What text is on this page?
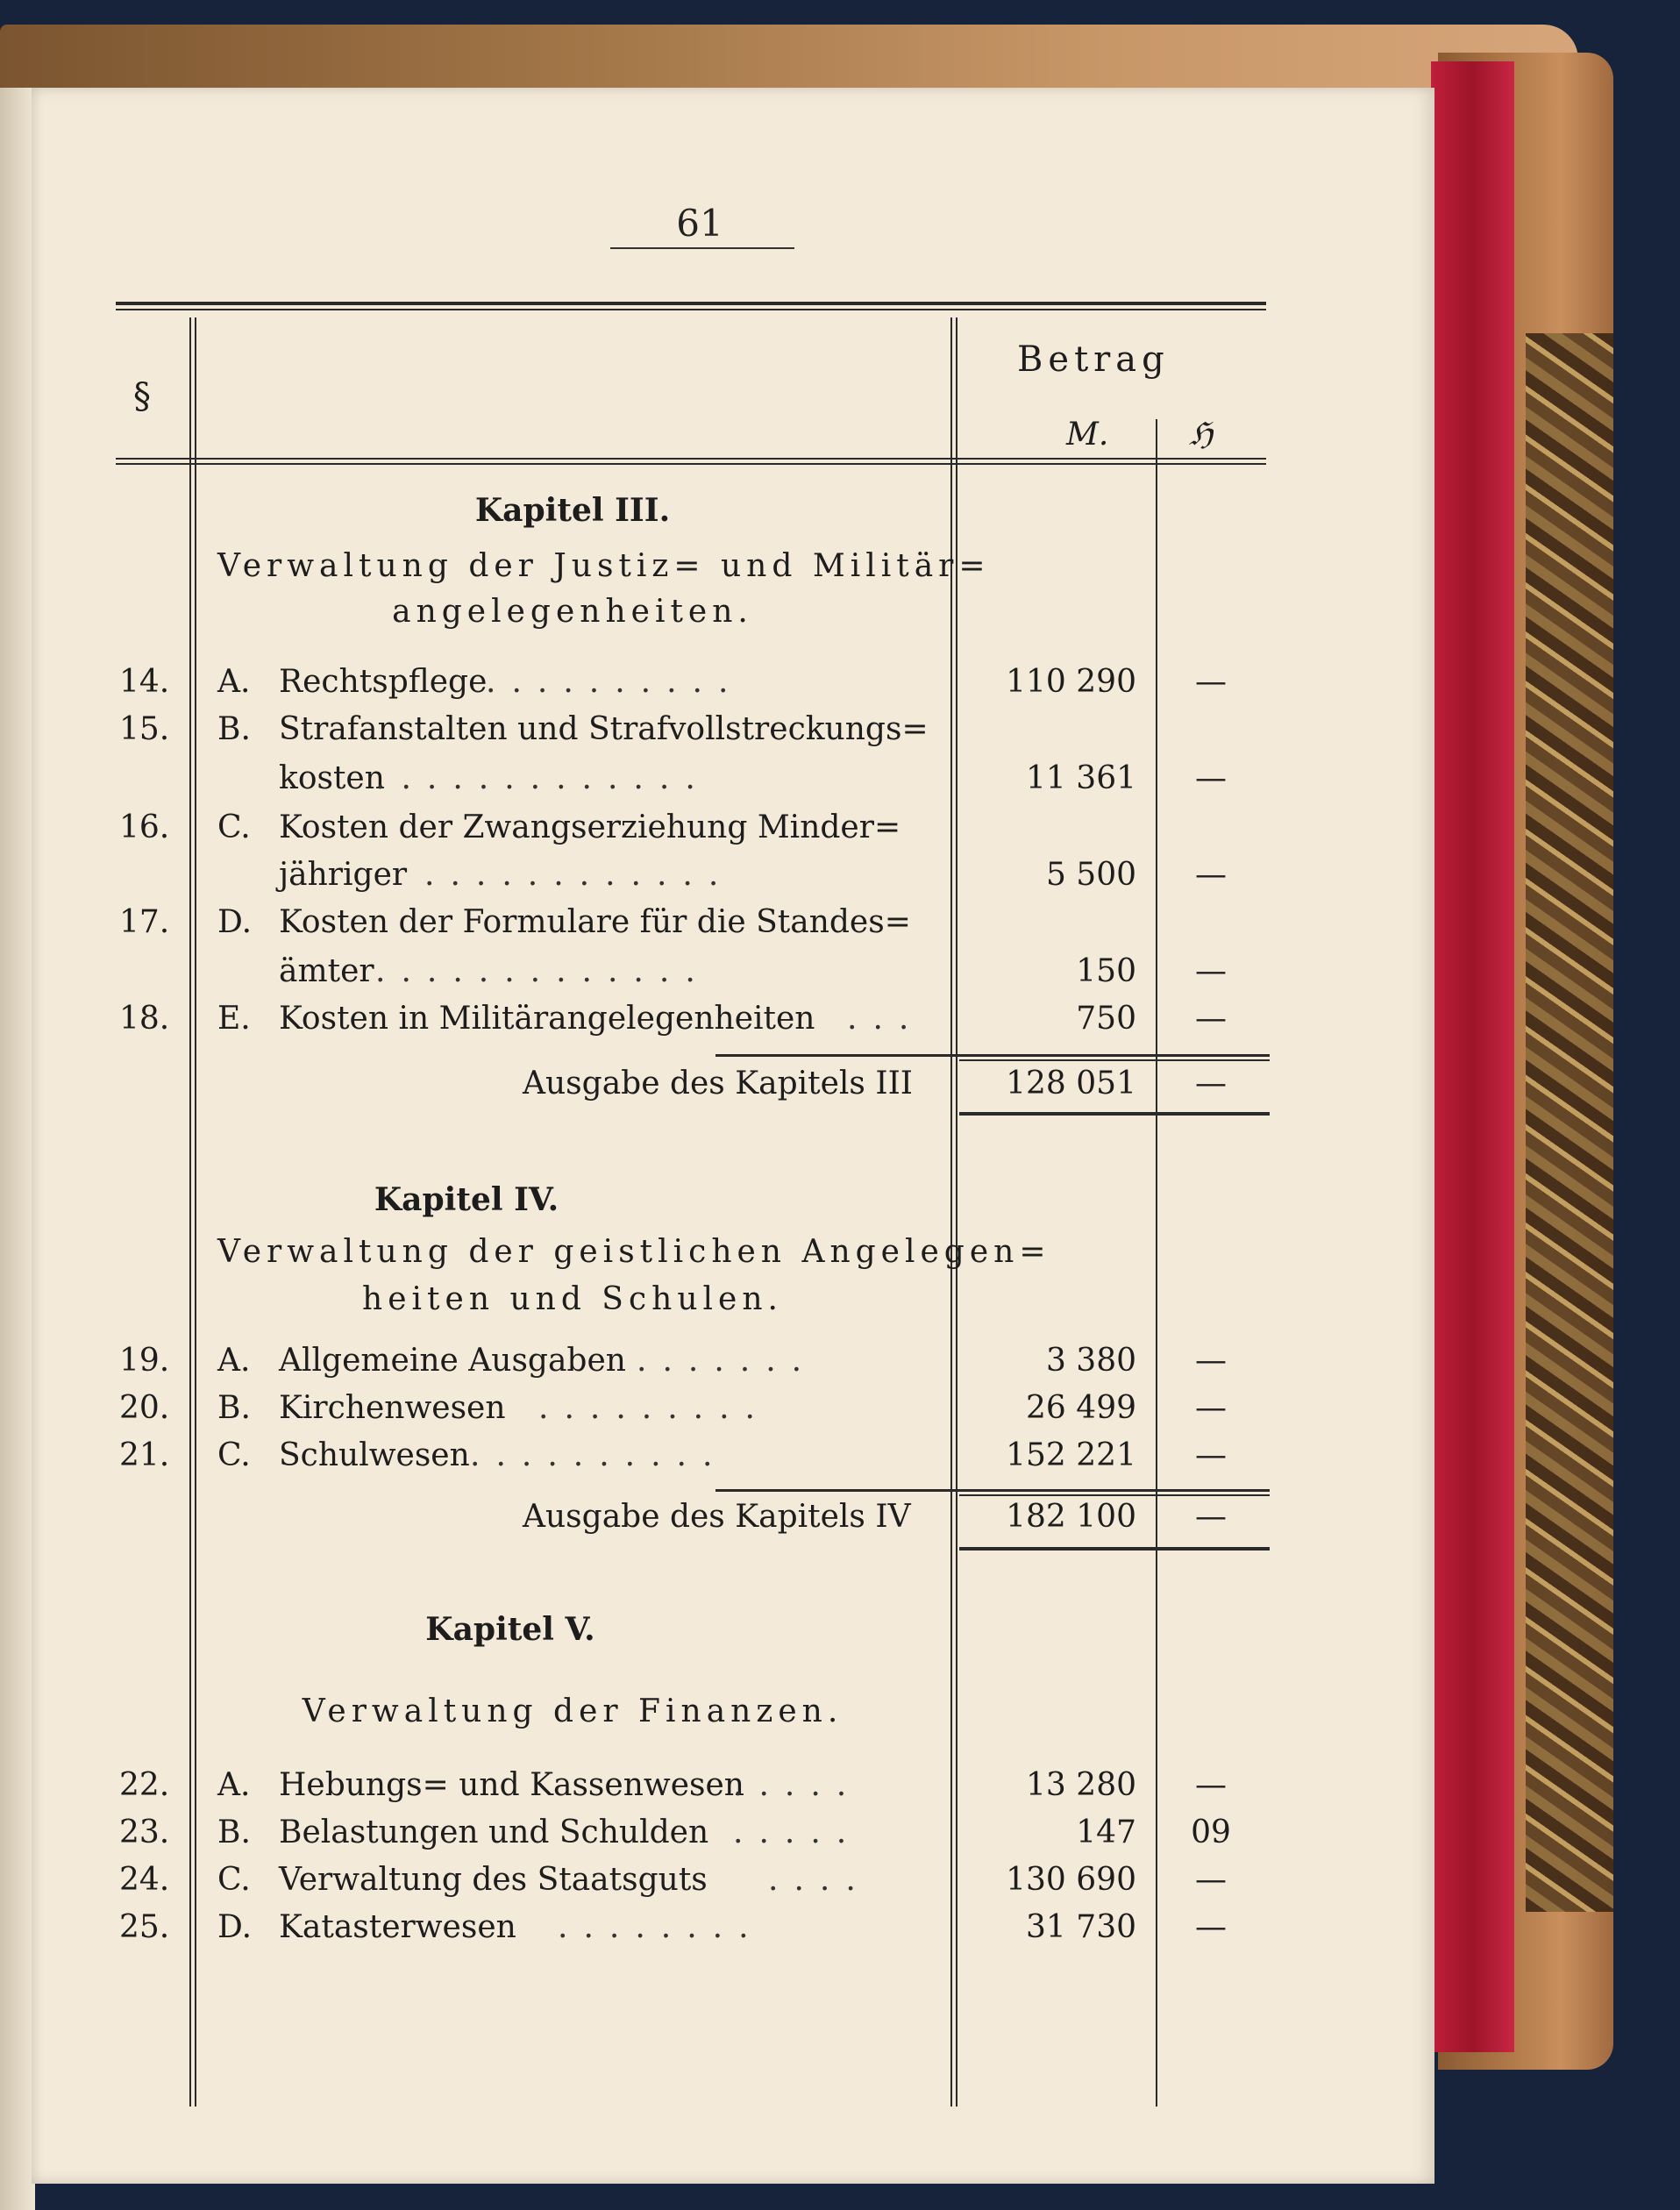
61
§
Betrag
M.	ℌ
Kapitel III.
Verwaltung der Justiz= und Militär=
angelegenheiten.
14. A. Rechtspflege
..........	110 290	—
15. B. Strafanstalten und Strafvollstreckungs=
kosten
.............	11 361	—
16. C. Kosten der Zwangserziehung Minder=
jähriger ............	5 500	—
17. D. Kosten der Formulare für die Standes=
ämter .............	150	—
18. E. Kosten in Militärangelegenheiten ...	750	—
Ausgabe des Kapitels III	128 051	—
Kapitel IV.
Verwaltung der geistlichen Angelegen=
heiten und Schulen.
19. A. Allgemeine Ausgaben .......	3 380	—
20. B. Kirchenwesen .........	26 499	—
21. C. Schulwesen ..........	152 221	—
Ausgabe des Kapitels IV	182 100	—
Kapitel V.
Verwaltung der Finanzen.
22. A. Hebungs= und Kassenwesen
.....	13 280	—
23. B. Belastungen und Schulden .....	147	09
24. C. Verwaltung des Staatsguts ....	130 690	—
25. D. Katasterwesen ........	31 730	—
